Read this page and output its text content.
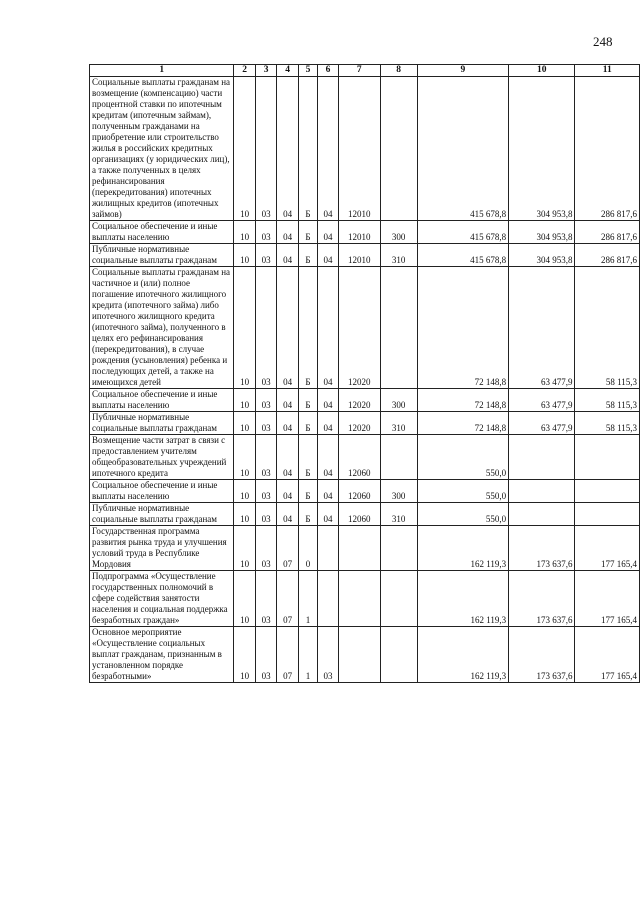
248
1	2	3	4	5	6	7	8	9	10	11
Социальные выплаты гражданам на возмещение (компенсацию) части процентной ставки по ипотечным кредитам (ипотечным займам), полученным гражданами на приобретение или строительство жилья в российских кредитных организациях (у юридических лиц), а также полученных в целях рефинансирования (перекредитования) ипотечных жилищных кредитов (ипотечных займов)	10	03	04	Б	04	12010		415 678,8	304 953,8	286 817,6
Социальное обеспечение и иные выплаты населению	10	03	04	Б	04	12010	300	415 678,8	304 953,8	286 817,6
Публичные нормативные социальные выплаты гражданам	10	03	04	Б	04	12010	310	415 678,8	304 953,8	286 817,6
Социальные выплаты гражданам на частичное и (или) полное погашение ипотечного жилищного кредита (ипотечного займа) либо ипотечного жилищного кредита (ипотечного займа), полученного в целях его рефинансирования (перекредитования), в случае рождения (усыновления) ребенка и последующих детей, а также на имеющихся детей	10	03	04	Б	04	12020		72 148,8	63 477,9	58 115,3
Социальное обеспечение и иные выплаты населению	10	03	04	Б	04	12020	300	72 148,8	63 477,9	58 115,3
Публичные нормативные социальные выплаты гражданам	10	03	04	Б	04	12020	310	72 148,8	63 477,9	58 115,3
Возмещение части затрат в связи с предоставлением учителям общеобразовательных учреждений ипотечного кредита	10	03	04	Б	04	12060		550,0		
Социальное обеспечение и иные выплаты населению	10	03	04	Б	04	12060	300	550,0		
Публичные нормативные социальные выплаты гражданам	10	03	04	Б	04	12060	310	550,0		
Государственная программа развития рынка труда и улучшения условий труда в Республике Мордовия	10	03	07	0				162 119,3	173 637,6	177 165,4
Подпрограмма «Осуществление государственных полномочий в сфере содействия занятости населения и социальная поддержка безработных граждан»	10	03	07	1				162 119,3	173 637,6	177 165,4
Основное мероприятие «Осуществление социальных выплат гражданам, признанным в установленном порядке безработными»	10	03	07	1	03			162 119,3	173 637,6	177 165,4
